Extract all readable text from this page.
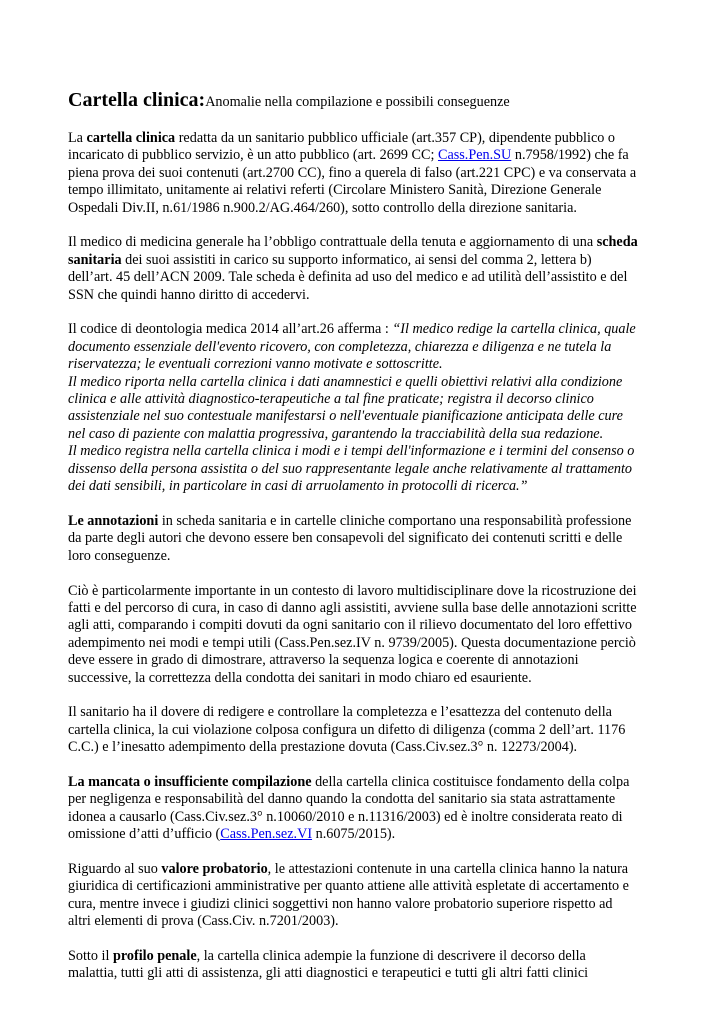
Cartella clinica:Anomalie nella compilazione e possibili conseguenze

La cartella clinica redatta da un sanitario pubblico ufficiale (art.357 CP), dipendente pubblico o
incaricato di pubblico servizio, è un atto pubblico (art. 2699 CC; Cass.Pen.SU n.7958/1992) che fa
piena prova dei suoi contenuti (art.2700 CC), fino a querela di falso (art.221 CPC) e va conservata a
tempo illimitato, unitamente ai relativi referti (Circolare Ministero Sanità, Direzione Generale
Ospedali Div.II, n.61/1986 n.900.2/AG.464/260), sotto controllo della direzione sanitaria.

Il medico di medicina generale ha l’obbligo contrattuale della tenuta e aggiornamento di una scheda
sanitaria dei suoi assistiti in carico su supporto informatico, ai sensi del comma 2, lettera b)
dell’art. 45 dell’ACN 2009. Tale scheda è definita ad uso del medico e ad utilità dell’assistito e del
SSN che quindi hanno diritto di accedervi.

Il codice di deontologia medica 2014 all’art.26 afferma : “Il medico redige la cartella clinica, quale
documento essenziale dell'evento ricovero, con completezza, chiarezza e diligenza e ne tutela la
riservatezza; le eventuali correzioni vanno motivate e sottoscritte.
Il medico riporta nella cartella clinica i dati anamnestici e quelli obiettivi relativi alla condizione
clinica e alle attività diagnostico-terapeutiche a tal fine praticate; registra il decorso clinico
assistenziale nel suo contestuale manifestarsi o nell'eventuale pianificazione anticipata delle cure
nel caso di paziente con malattia progressiva, garantendo la tracciabilità della sua redazione.
Il medico registra nella cartella clinica i modi e i tempi dell'informazione e i termini del consenso o
dissenso della persona assistita o del suo rappresentante legale anche relativamente al trattamento
dei dati sensibili, in particolare in casi di arruolamento in protocolli di ricerca.”

Le annotazioni in scheda sanitaria e in cartelle cliniche comportano una responsabilità professione
da parte degli autori che devono essere ben consapevoli del significato dei contenuti scritti e delle
loro conseguenze.

Ciò è particolarmente importante in un contesto di lavoro multidisciplinare dove la ricostruzione dei
fatti e del percorso di cura, in caso di danno agli assistiti, avviene sulla base delle annotazioni scritte
agli atti, comparando i compiti dovuti da ogni sanitario con il rilievo documentato del loro effettivo
adempimento nei modi e tempi utili (Cass.Pen.sez.IV n. 9739/2005). Questa documentazione perciò
deve essere in grado di dimostrare, attraverso la sequenza logica e coerente di annotazioni
successive, la correttezza della condotta dei sanitari in modo chiaro ed esauriente.

Il sanitario ha il dovere di redigere e controllare la completezza e l’esattezza del contenuto della
cartella clinica, la cui violazione colposa configura un difetto di diligenza (comma 2 dell’art. 1176
C.C.) e l’inesatto adempimento della prestazione dovuta (Cass.Civ.sez.3° n. 12273/2004).

La mancata o insufficiente compilazione della cartella clinica costituisce fondamento della colpa
per negligenza e responsabilità del danno quando la condotta del sanitario sia stata astrattamente
idonea a causarlo (Cass.Civ.sez.3° n.10060/2010 e n.11316/2003) ed è inoltre considerata reato di
omissione d’atti d’ufficio (Cass.Pen.sez.VI n.6075/2015).

Riguardo al suo valore probatorio, le attestazioni contenute in una cartella clinica hanno la natura
giuridica di certificazioni amministrative per quanto attiene alle attività espletate di accertamento e
cura, mentre invece i giudizi clinici soggettivi non hanno valore probatorio superiore rispetto ad
altri elementi di prova (Cass.Civ. n.7201/2003).

Sotto il profilo penale, la cartella clinica adempie la funzione di descrivere il decorso della
malattia, tutti gli atti di assistenza, gli atti diagnostici e terapeutici e tutti gli altri fatti clinici
